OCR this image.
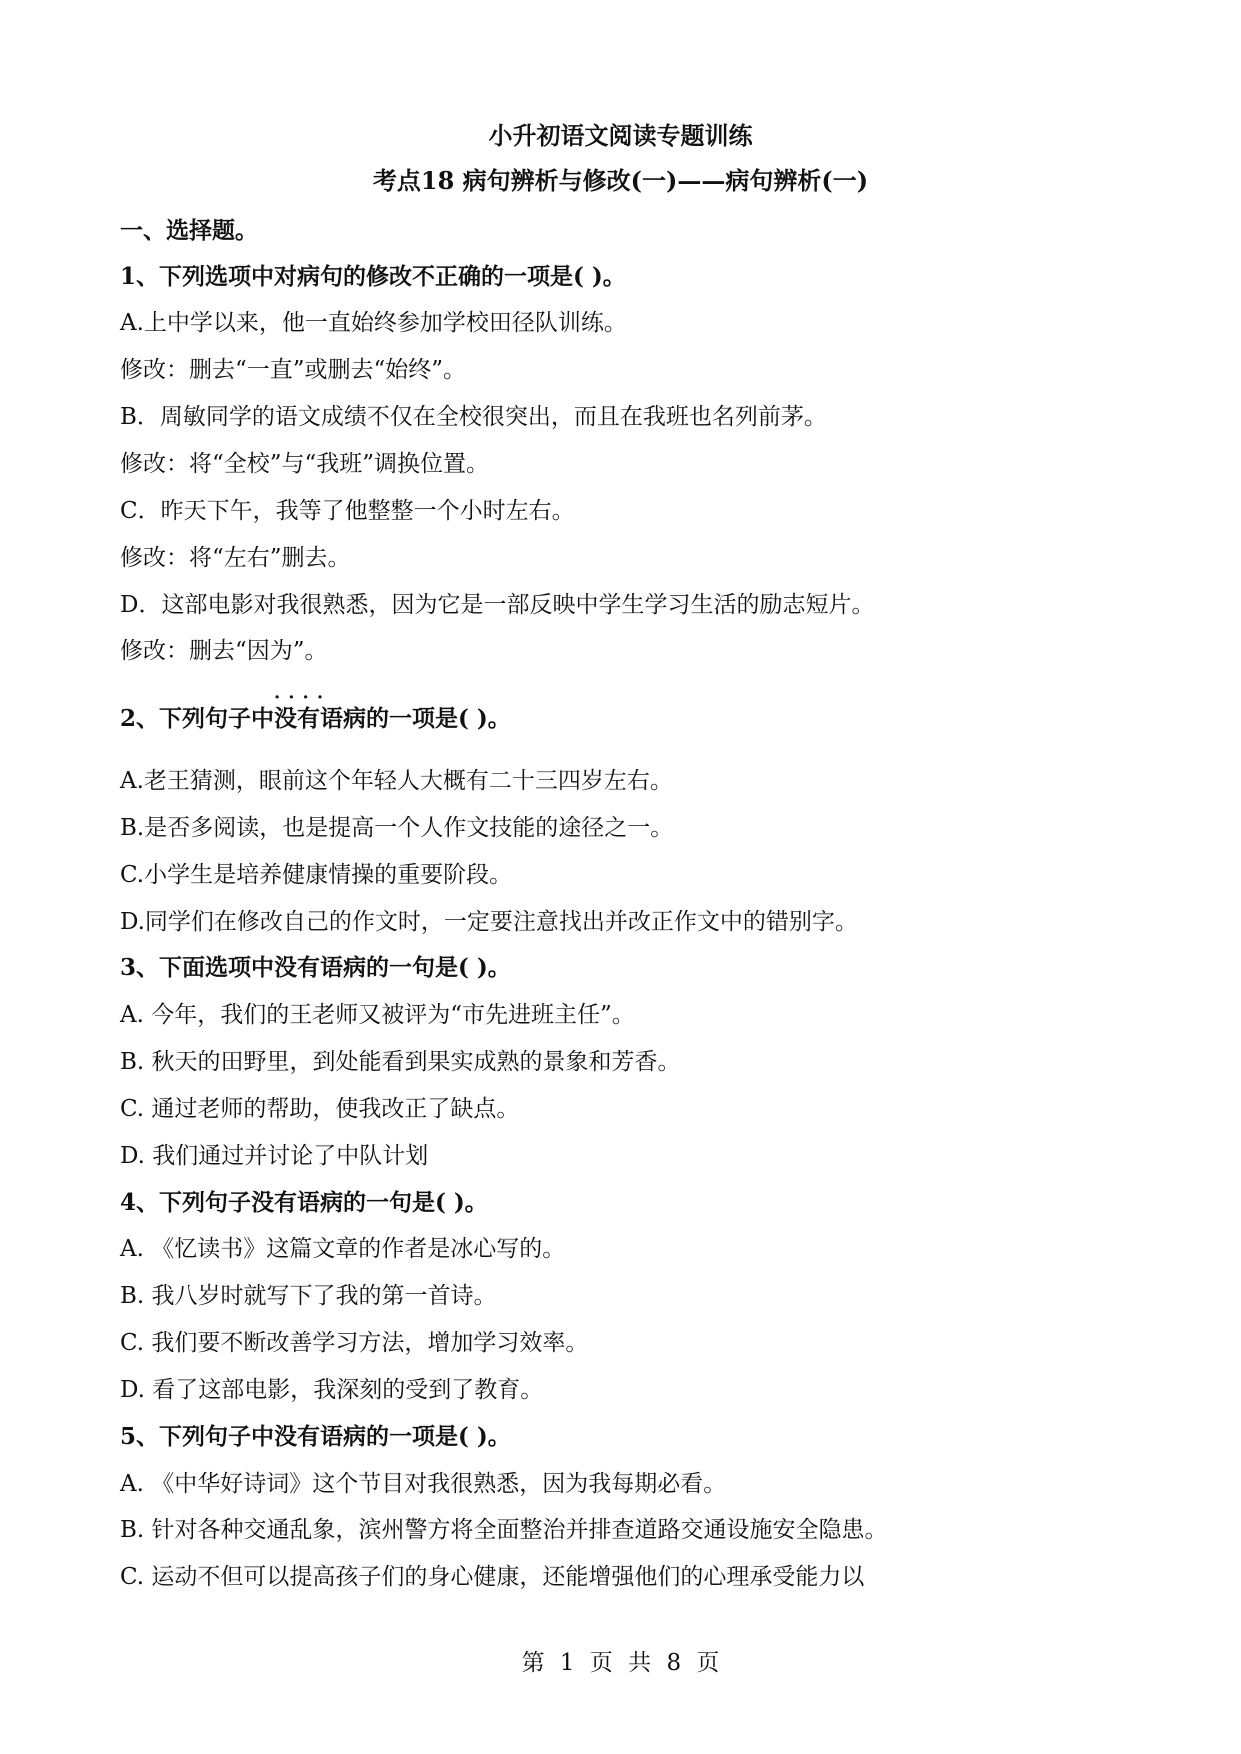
小升初语文阅读专题训练
考点18 病句辨析与修改(一)——病句辨析(一)

一、选择题。

1、下列选项中对病句的修改不正确的一项是( )。

A.上中学以来，他一直始终参加学校田径队训练。

修改：删去“一直”或删去“始终”。

B．周敏同学的语文成绩不仅在全校很突出，而且在我班也名列前茅。

修改：将“全校”与“我班”调换位置。

C．昨天下午，我等了他整整一个小时左右。

修改：将“左右”删去。

D．这部电影对我很熟悉，因为它是一部反映中学生学习生活的励志短片。

修改：删去“因为”。

2、下列句子中
····
没有语病的一项是( )。

A.老王猜测，眼前这个年轻人大概有二十三四岁左右。

B.是否多阅读，也是提高一个人作文技能的途径之一。

C.小学生是培养健康情操的重要阶段。

D.同学们在修改自己的作文时，一定要注意找出并改正作文中的错别字。

3、下面选项中没有语病的一句是( )。

A. 今年，我们的王老师又被评为“市先进班主任”。

B. 秋天的田野里，到处能看到果实成熟的景象和芳香。

C. 通过老师的帮助，使我改正了缺点。

D. 我们通过并讨论了中队计划

4、下列句子没有语病的一句是( )。

A. 《忆读书》这篇文章的作者是冰心写的。

B. 我八岁时就写下了我的第一首诗。

C. 我们要不断改善学习方法，增加学习效率。

D. 看了这部电影，我深刻的受到了教育。

5、下列句子中没有语病的一项是( )。

A. 《中华好诗词》这个节目对我很熟悉，因为我每期必看。

B. 针对各种交通乱象，滨州警方将全面整治并排查道路交通设施安全隐患。

C. 运动不但可以提高孩子们的身心健康，还能增强他们的心理承受能力以

第 1 页 共 8 页
